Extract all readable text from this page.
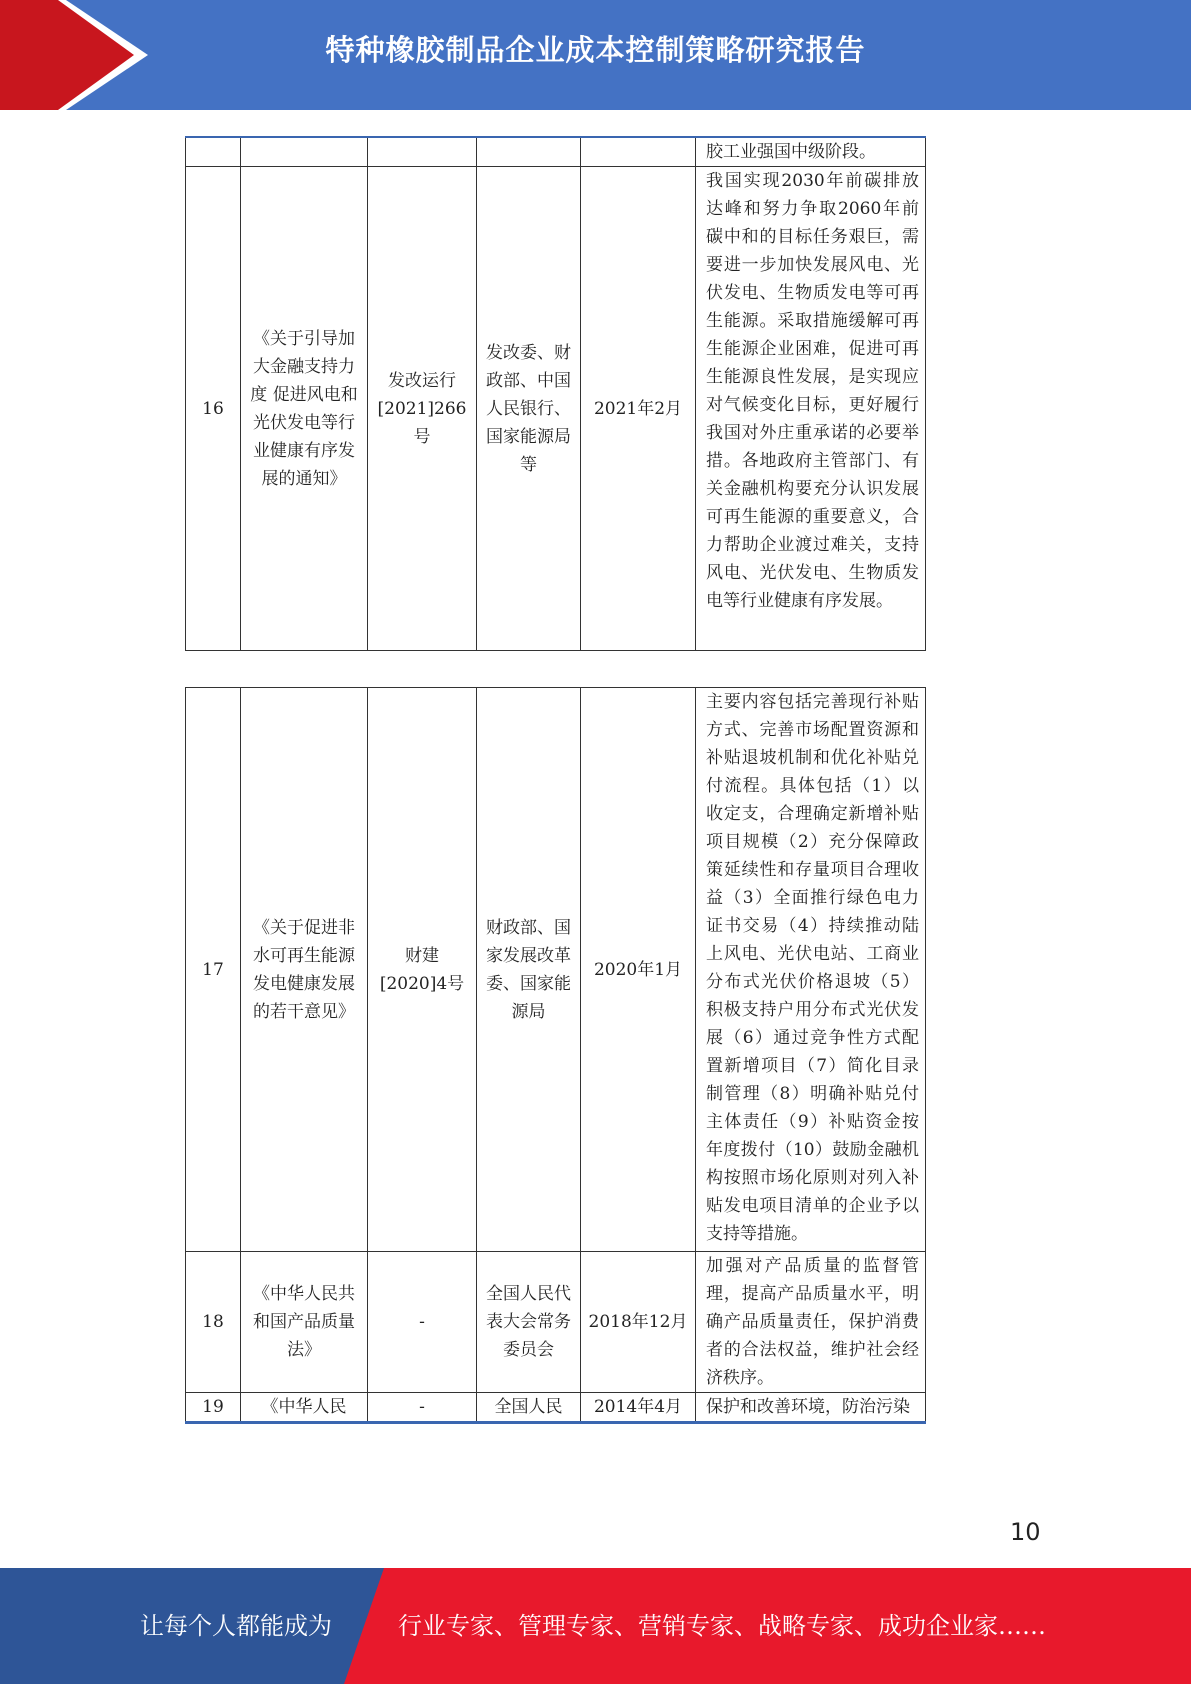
特种橡胶制品企业成本控制策略研究报告
					胶工业强国中级阶段。
16	《关于引导加大金融支持力度 促进风电和光伏发电等行业健康有序发展的通知》	发改运行[2021]266号	发改委、财政部、中国人民银行、国家能源局等	2021年2月	我国实现2030年前碳排放达峰和努力争取2060年前碳中和的目标任务艰巨，需要进一步加快发展风电、光伏发电、生物质发电等可再生能源。采取措施缓解可再生能源企业困难，促进可再生能源良性发展，是实现应对气候变化目标，更好履行我国对外庄重承诺的必要举措。各地政府主管部门、有关金融机构要充分认识发展可再生能源的重要意义，合力帮助企业渡过难关，支持风电、光伏发电、生物质发电等行业健康有序发展。
17	《关于促进非水可再生能源发电健康发展的若干意见》	财建[2020]4号	财政部、国家发展改革委、国家能源局	2020年1月	主要内容包括完善现行补贴方式、完善市场配置资源和补贴退坡机制和优化补贴兑付流程。具体包括（1）以收定支，合理确定新增补贴项目规模（2）充分保障政策延续性和存量项目合理收益（3）全面推行绿色电力证书交易（4）持续推动陆上风电、光伏电站、工商业分布式光伏价格退坡（5）积极支持户用分布式光伏发展（6）通过竞争性方式配置新增项目（7）简化目录制管理（8）明确补贴兑付主体责任（9）补贴资金按年度拨付（10）鼓励金融机构按照市场化原则对列入补贴发电项目清单的企业予以支持等措施。
18	《中华人民共和国产品质量法》	-	全国人民代表大会常务委员会	2018年12月	加强对产品质量的监督管理，提高产品质量水平，明确产品质量责任，保护消费者的合法权益，维护社会经济秩序。
19	《中华人民	-	全国人民	2014年4月	保护和改善环境，防治污染
10
让每个人都能成为	行业专家、管理专家、营销专家、战略专家、成功企业家……
